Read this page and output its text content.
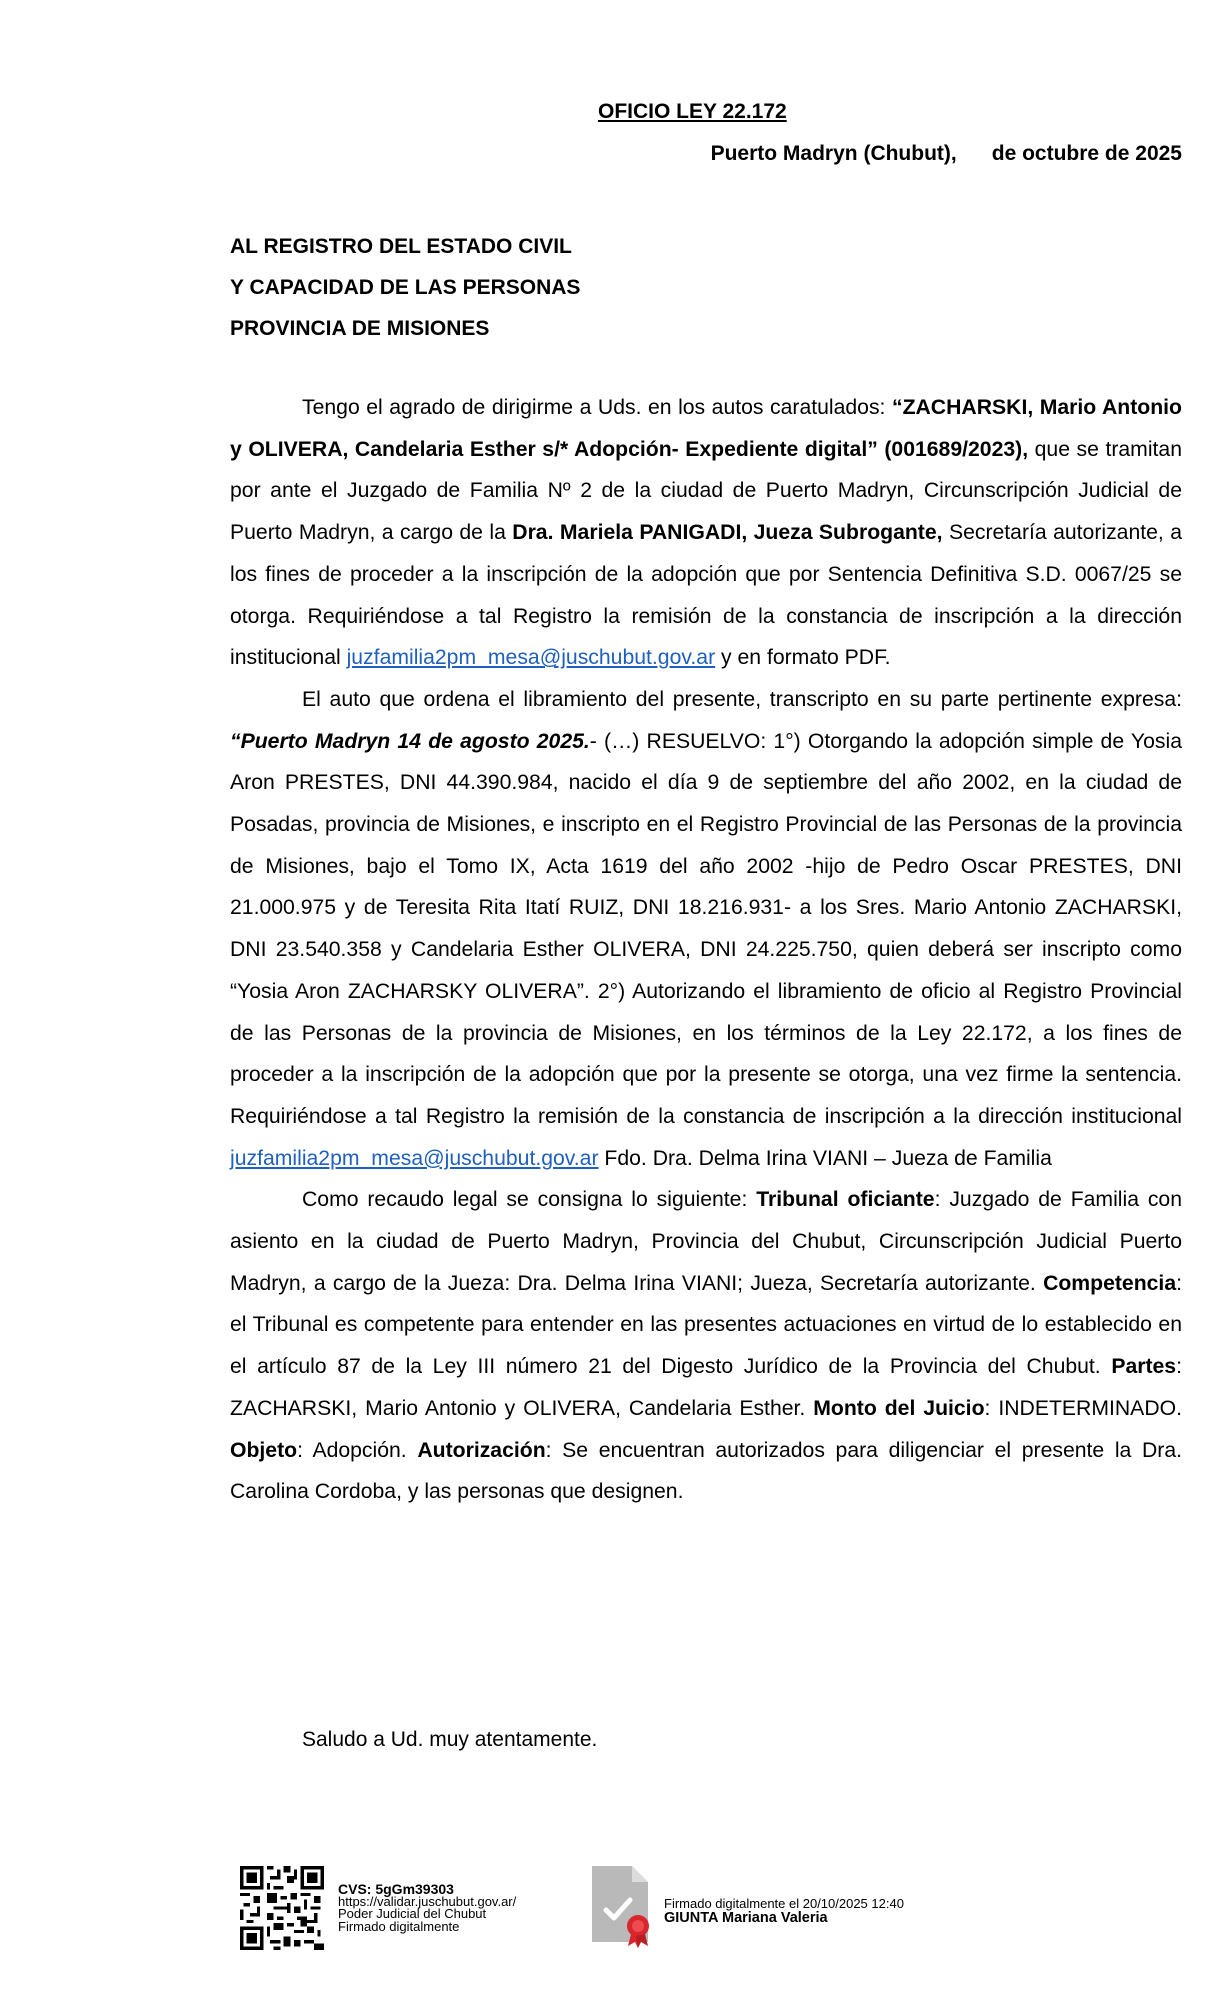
OFICIO LEY 22.172
Puerto Madryn (Chubut),      de octubre de 2025
AL REGISTRO DEL ESTADO CIVIL
Y CAPACIDAD DE LAS PERSONAS
PROVINCIA DE MISIONES

Tengo el agrado de dirigirme a Uds. en los autos caratulados: “ZACHARSKI, Mario Antonio y OLIVERA, Candelaria Esther s/* Adopción- Expediente digital” (001689/2023), que se tramitan por ante el Juzgado de Familia Nº 2 de la ciudad de Puerto Madryn, Circunscripción Judicial de Puerto Madryn, a cargo de la Dra. Mariela PANIGADI, Jueza Subrogante, Secretaría autorizante, a los fines de proceder a la inscripción de la adopción que por Sentencia Definitiva S.D. 0067/25 se otorga. Requiriéndose a tal Registro la remisión de la constancia de inscripción a la dirección institucional juzfamilia2pm_mesa@juschubut.gov.ar y en formato PDF.

El auto que ordena el libramiento del presente, transcripto en su parte pertinente expresa: “Puerto Madryn 14 de agosto 2025.- (…) RESUELVO: 1°) Otorgando la adopción simple de Yosia Aron PRESTES, DNI 44.390.984, nacido el día 9 de septiembre del año 2002, en la ciudad de Posadas, provincia de Misiones, e inscripto en el Registro Provincial de las Personas de la provincia de Misiones, bajo el Tomo IX, Acta 1619 del año 2002 -hijo de Pedro Oscar PRESTES, DNI 21.000.975 y de Teresita Rita Itatí RUIZ, DNI 18.216.931- a los Sres. Mario Antonio ZACHARSKI, DNI 23.540.358 y Candelaria Esther OLIVERA, DNI 24.225.750, quien deberá ser inscripto como “Yosia Aron ZACHARSKY OLIVERA”. 2°) Autorizando el libramiento de oficio al Registro Provincial de las Personas de la provincia de Misiones, en los términos de la Ley 22.172, a los fines de proceder a la inscripción de la adopción que por la presente se otorga, una vez firme la sentencia. Requiriéndose a tal Registro la remisión de la constancia de inscripción a la dirección institucional juzfamilia2pm_mesa@juschubut.gov.ar Fdo. Dra. Delma Irina VIANI – Jueza de Familia

Como recaudo legal se consigna lo siguiente: Tribunal oficiante: Juzgado de Familia con asiento en la ciudad de Puerto Madryn, Provincia del Chubut, Circunscripción Judicial Puerto Madryn, a cargo de la Jueza: Dra. Delma Irina VIANI; Jueza, Secretaría autorizante. Competencia: el Tribunal es competente para entender en las presentes actuaciones en virtud de lo establecido en el artículo 87 de la Ley III número 21 del Digesto Jurídico de la Provincia del Chubut. Partes: ZACHARSKI, Mario Antonio y OLIVERA, Candelaria Esther. Monto del Juicio: INDETERMINADO. Objeto: Adopción. Autorización: Se encuentran autorizados para diligenciar el presente la Dra. Carolina Cordoba, y las personas que designen.

Saludo a Ud. muy atentamente.
CVS: 5gGm39303
https://validar.juschubut.gov.ar/
Poder Judicial del Chubut
Firmado digitalmente
Firmado digitalmente el 20/10/2025 12:40
GIUNTA Mariana Valeria
